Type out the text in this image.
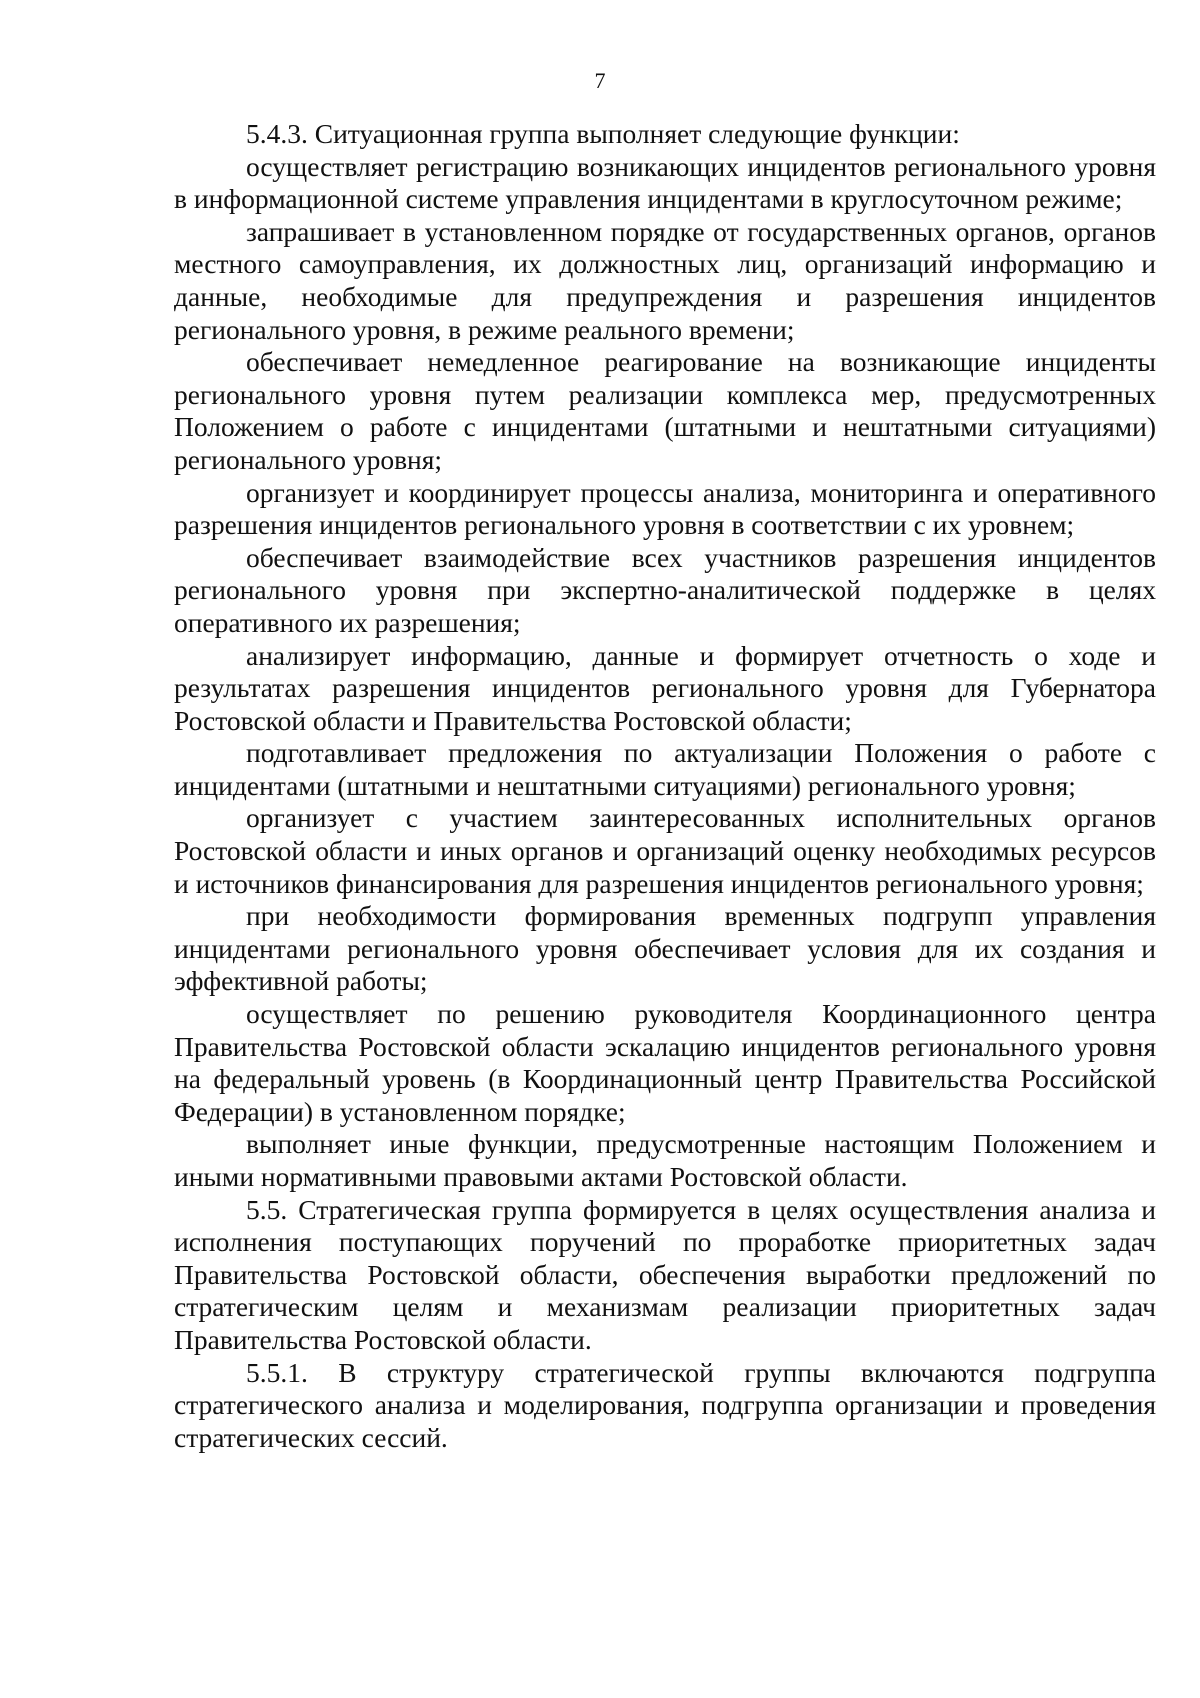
7

5.4.3. Ситуационная группа выполняет следующие функции:

осуществляет регистрацию возникающих инцидентов регионального уровня в информационной системе управления инцидентами в круглосуточном режиме;

запрашивает в установленном порядке от государственных органов, органов местного самоуправления, их должностных лиц, организаций информацию и данные, необходимые для предупреждения и разрешения инцидентов регионального уровня, в режиме реального времени;

обеспечивает немедленное реагирование на возникающие инциденты регионального уровня путем реализации комплекса мер, предусмотренных Положением о работе с инцидентами (штатными и нештатными ситуациями) регионального уровня;

организует и координирует процессы анализа, мониторинга и оперативного разрешения инцидентов регионального уровня в соответствии с их уровнем;

обеспечивает взаимодействие всех участников разрешения инцидентов регионального уровня при экспертно-аналитической поддержке в целях оперативного их разрешения;

анализирует информацию, данные и формирует отчетность о ходе и результатах разрешения инцидентов регионального уровня для Губернатора Ростовской области и Правительства Ростовской области;

подготавливает предложения по актуализации Положения о работе с инцидентами (штатными и нештатными ситуациями) регионального уровня;

организует с участием заинтересованных исполнительных органов Ростовской области и иных органов и организаций оценку необходимых ресурсов и источников финансирования для разрешения инцидентов регионального уровня;

при необходимости формирования временных подгрупп управления инцидентами регионального уровня обеспечивает условия для их создания и эффективной работы;

осуществляет по решению руководителя Координационного центра Правительства Ростовской области эскалацию инцидентов регионального уровня на федеральный уровень (в Координационный центр Правительства Российской Федерации) в установленном порядке;

выполняет иные функции, предусмотренные настоящим Положением и иными нормативными правовыми актами Ростовской области.

5.5. Стратегическая группа формируется в целях осуществления анализа и исполнения поступающих поручений по проработке приоритетных задач Правительства Ростовской области, обеспечения выработки предложений по стратегическим целям и механизмам реализации приоритетных задач Правительства Ростовской области.

5.5.1. В структуру стратегической группы включаются подгруппа стратегического анализа и моделирования, подгруппа организации и проведения стратегических сессий.
